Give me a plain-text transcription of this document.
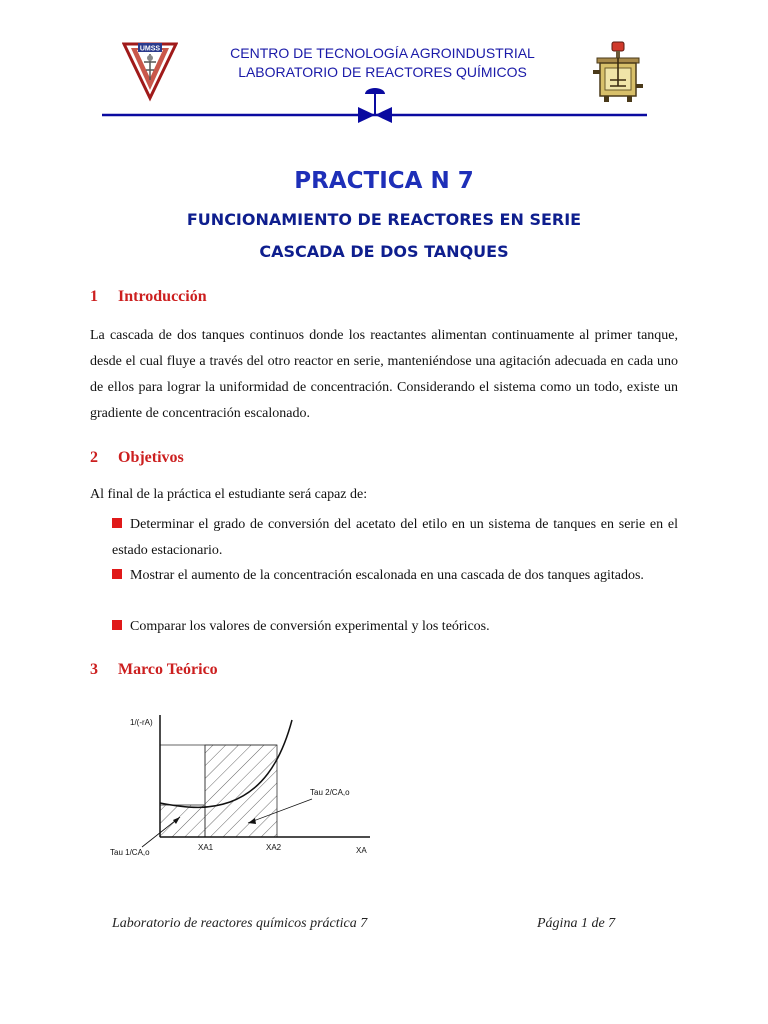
UMSS	CENTRO DE TECNOLOGÍA AGROINDUSTRIAL
LABORATORIO DE REACTORES QUÍMICOS
PRACTICA N 7
FUNCIONAMIENTO DE REACTORES EN SERIE
CASCADA DE DOS TANQUES
1 Introducción
La cascada de dos tanques continuos donde los reactantes alimentan continuamente al primer tanque, desde el cual fluye a través del otro reactor en serie, manteniéndose una agitación adecuada en cada uno de ellos para lograr la uniformidad de concentración. Considerando el sistema como un todo, existe un gradiente de concentración escalonado.
2 Objetivos
Al final de la práctica el estudiante será capaz de:
Determinar el grado de conversión del acetato del etilo en un sistema de tanques en serie en el estado estacionario.
Mostrar el aumento de la concentración escalonada en una cascada de dos tanques agitados.
Comparar los valores de conversión experimental y los teóricos.
3 Marco Teórico
1/(-rA)
XA
XA1	XA2
Tau 2/CA,o
Tau 1/CA,o
Laboratorio de reactores químicos práctica 7	Página 1 de 7
